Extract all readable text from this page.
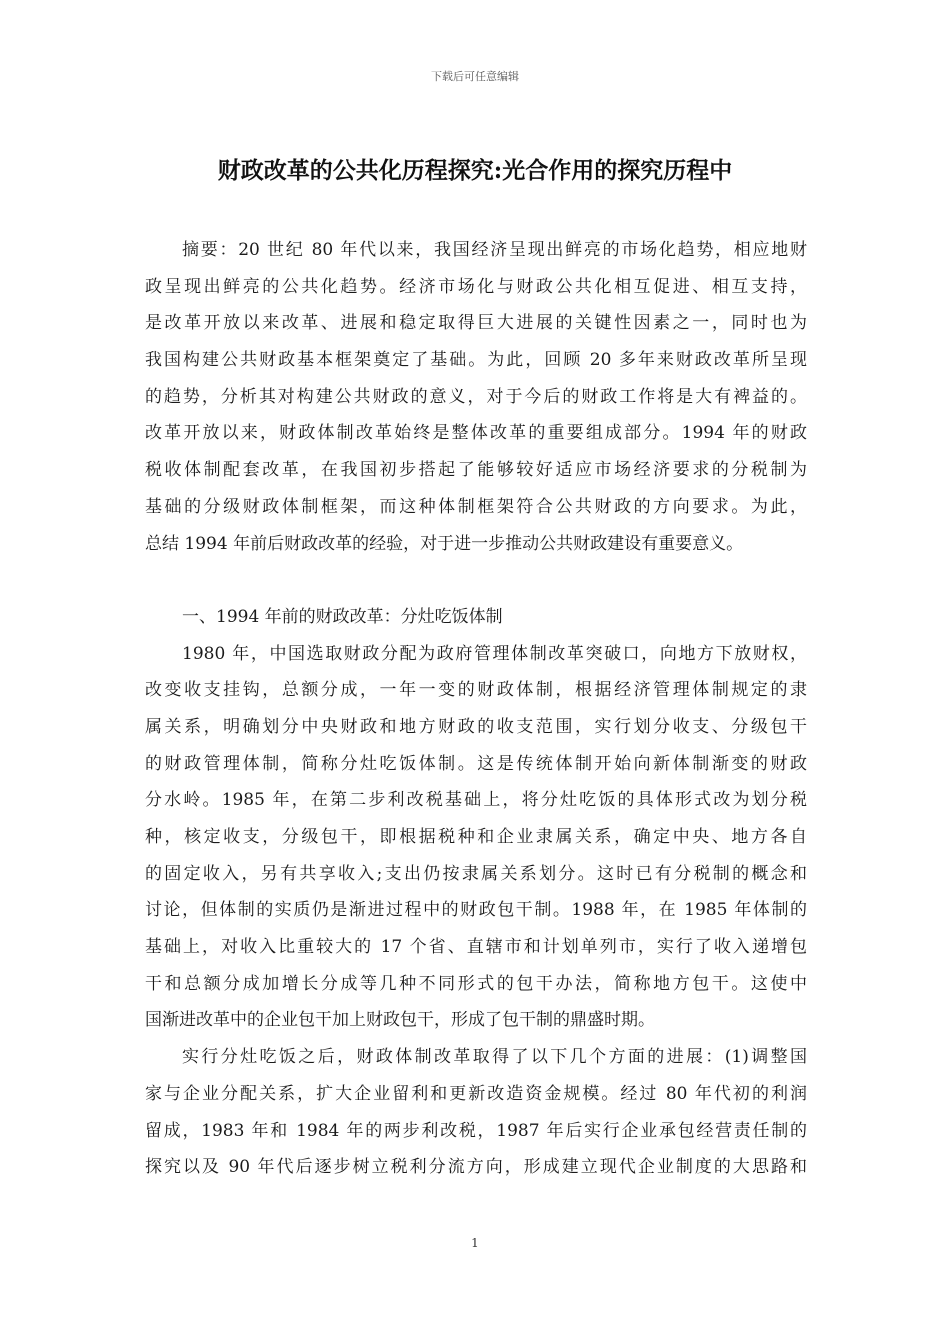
下载后可任意编辑
财政改革的公共化历程探究:光合作用的探究历程中
摘要：20 世纪 80 年代以来，我国经济呈现出鲜亮的市场化趋势，相应地财
政呈现出鲜亮的公共化趋势。经济市场化与财政公共化相互促进、相互支持，
是改革开放以来改革、进展和稳定取得巨大进展的关键性因素之一，同时也为
我国构建公共财政基本框架奠定了基础。为此，回顾 20 多年来财政改革所呈现
的趋势，分析其对构建公共财政的意义，对于今后的财政工作将是大有裨益的。
改革开放以来，财政体制改革始终是整体改革的重要组成部分。1994 年的财政
税收体制配套改革，在我国初步搭起了能够较好适应市场经济要求的分税制为
基础的分级财政体制框架，而这种体制框架符合公共财政的方向要求。为此，
总结 1994 年前后财政改革的经验，对于进一步推动公共财政建设有重要意义。
一、1994 年前的财政改革：分灶吃饭体制
1980 年，中国选取财政分配为政府管理体制改革突破口，向地方下放财权，
改变收支挂钩，总额分成，一年一变的财政体制，根据经济管理体制规定的隶
属关系，明确划分中央财政和地方财政的收支范围，实行划分收支、分级包干
的财政管理体制，简称分灶吃饭体制。这是传统体制开始向新体制渐变的财政
分水岭。1985 年，在第二步利改税基础上，将分灶吃饭的具体形式改为划分税
种，核定收支，分级包干，即根据税种和企业隶属关系，确定中央、地方各自
的固定收入，另有共享收入;支出仍按隶属关系划分。这时已有分税制的概念和
讨论，但体制的实质仍是渐进过程中的财政包干制。1988 年，在 1985 年体制的
基础上，对收入比重较大的 17 个省、直辖市和计划单列市，实行了收入递增包
干和总额分成加增长分成等几种不同形式的包干办法，简称地方包干。这使中
国渐进改革中的企业包干加上财政包干，形成了包干制的鼎盛时期。
实行分灶吃饭之后，财政体制改革取得了以下几个方面的进展：(1)调整国
家与企业分配关系，扩大企业留利和更新改造资金规模。经过 80 年代初的利润
留成，1983 年和 1984 年的两步利改税，1987 年后实行企业承包经营责任制的
探究以及 90 年代后逐步树立税利分流方向，形成建立现代企业制度的大思路和
1
